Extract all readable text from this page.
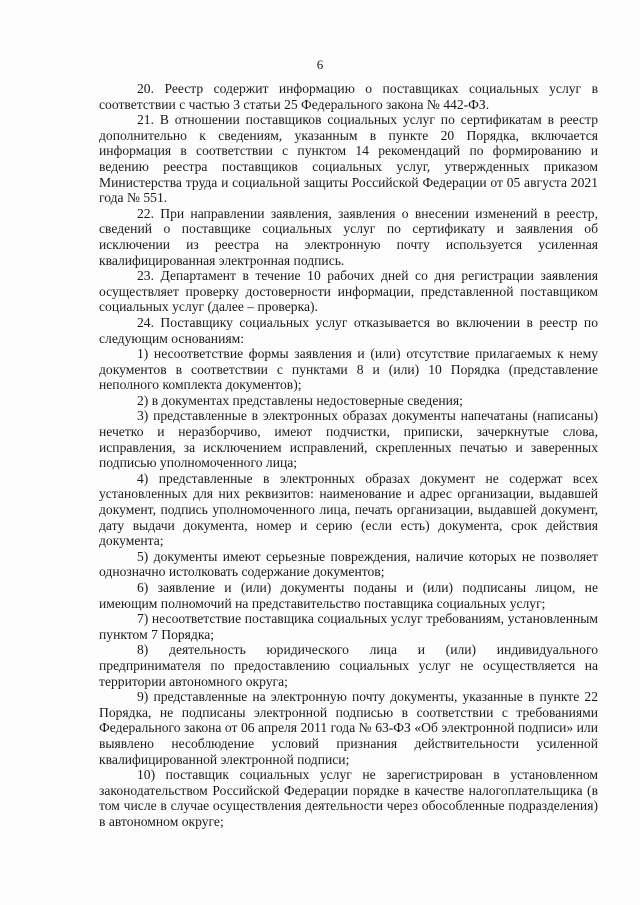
6

20. Реестр содержит информацию о поставщиках социальных услуг в соответствии с частью 3 статьи 25 Федерального закона № 442-ФЗ.

21. В отношении поставщиков социальных услуг по сертификатам в реестр дополнительно к сведениям, указанным в пункте 20 Порядка, включается информация в соответствии с пунктом 14 рекомендаций по формированию и ведению реестра поставщиков социальных услуг, утвержденных приказом Министерства труда и социальной защиты Российской Федерации от 05 августа 2021 года № 551.

22. При направлении заявления, заявления о внесении изменений в реестр, сведений о поставщике социальных услуг по сертификату и заявления об исключении из реестра на электронную почту используется усиленная квалифицированная электронная подпись.

23. Департамент в течение 10 рабочих дней со дня регистрации заявления осуществляет проверку достоверности информации, представленной поставщиком социальных услуг (далее – проверка).

24. Поставщику социальных услуг отказывается во включении в реестр по следующим основаниям:

1) несоответствие формы заявления и (или) отсутствие прилагаемых к нему документов в соответствии с пунктами 8 и (или) 10 Порядка (представление неполного комплекта документов);

2) в документах представлены недостоверные сведения;

3) представленные в электронных образах документы напечатаны (написаны) нечетко и неразборчиво, имеют подчистки, приписки, зачеркнутые слова, исправления, за исключением исправлений, скрепленных печатью и заверенных подписью уполномоченного лица;

4) представленные в электронных образах документ не содержат всех установленных для них реквизитов: наименование и адрес организации, выдавшей документ, подпись уполномоченного лица, печать организации, выдавшей документ, дату выдачи документа, номер и серию (если есть) документа, срок действия документа;

5) документы имеют серьезные повреждения, наличие которых не позволяет однозначно истолковать содержание документов;

6) заявление и (или) документы поданы и (или) подписаны лицом, не имеющим полномочий на представительство поставщика социальных услуг;

7) несоответствие поставщика социальных услуг требованиям, установленным пунктом 7 Порядка;

8) деятельность юридического лица и (или) индивидуального предпринимателя по предоставлению социальных услуг не осуществляется на территории автономного округа;

9) представленные на электронную почту документы, указанные в пункте 22 Порядка, не подписаны электронной подписью в соответствии с требованиями Федерального закона от 06 апреля 2011 года № 63-ФЗ «Об электронной подписи» или выявлено несоблюдение условий признания действительности усиленной квалифицированной электронной подписи;

10) поставщик социальных услуг не зарегистрирован в установленном законодательством Российской Федерации порядке в качестве налогоплательщика (в том числе в случае осуществления деятельности через обособленные подразделения) в автономном округе;
